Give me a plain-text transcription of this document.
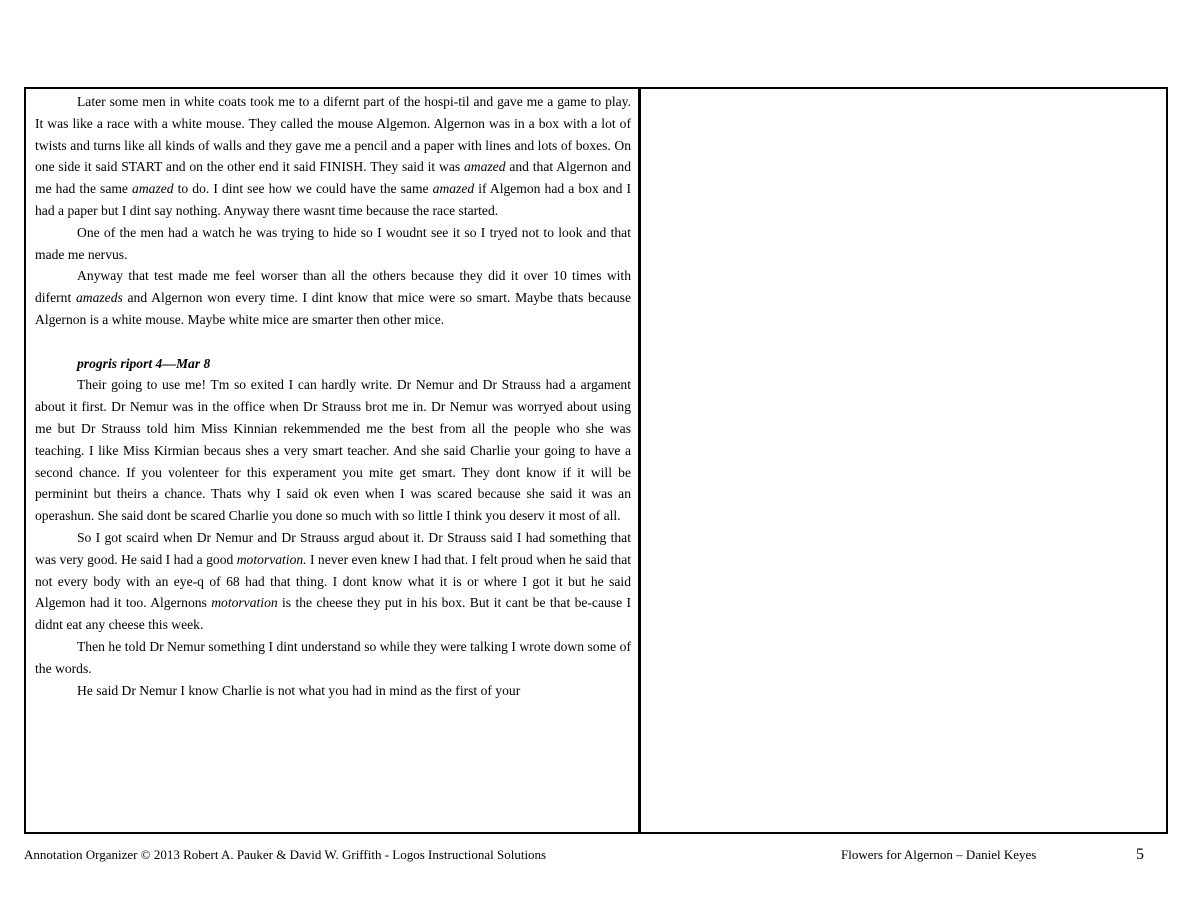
Later some men in white coats took me to a difernt part of the hospi-til and gave me a game to play. It was like a race with a white mouse. They called the mouse Algemon. Algernon was in a box with a lot of twists and turns like all kinds of walls and they gave me a pencil and a paper with lines and lots of boxes. On one side it said START and on the other end it said FINISH. They said it was amazed and that Algernon and me had the same amazed to do. I dint see how we could have the same amazed if Algemon had a box and I had a paper but I dint say nothing. Anyway there wasnt time because the race started.

One of the men had a watch he was trying to hide so I woudnt see it so I tryed not to look and that made me nervus.

Anyway that test made me feel worser than all the others because they did it over 10 times with difernt amazeds and Algernon won every time. I dint know that mice were so smart. Maybe thats because Algernon is a white mouse. Maybe white mice are smarter then other mice.

progris riport 4—Mar 8

Their going to use me! Tm so exited I can hardly write. Dr Nemur and Dr Strauss had a argament about it first. Dr Nemur was in the office when Dr Strauss brot me in. Dr Nemur was worryed about using me but Dr Strauss told him Miss Kinnian rekemmended me the best from all the people who she was teaching. I like Miss Kirmian becaus shes a very smart teacher. And she said Charlie your going to have a second chance. If you volenteer for this experament you mite get smart. They dont know if it will be perminint but theirs a chance. Thats why I said ok even when I was scared because she said it was an operashun. She said dont be scared Charlie you done so much with so little I think you deserv it most of all.

So I got scaird when Dr Nemur and Dr Strauss argud about it. Dr Strauss said I had something that was very good. He said I had a good motorvation. I never even knew I had that. I felt proud when he said that not every body with an eye-q of 68 had that thing. I dont know what it is or where I got it but he said Algemon had it too. Algernons motorvation is the cheese they put in his box. But it cant be that be-cause I didnt eat any cheese this week.

Then he told Dr Nemur something I dint understand so while they were talking I wrote down some of the words.

He said Dr Nemur I know Charlie is not what you had in mind as the first of your

Annotation Organizer © 2013 Robert A. Pauker & David W. Griffith - Logos Instructional Solutions	Flowers for Algernon – Daniel Keyes	5
